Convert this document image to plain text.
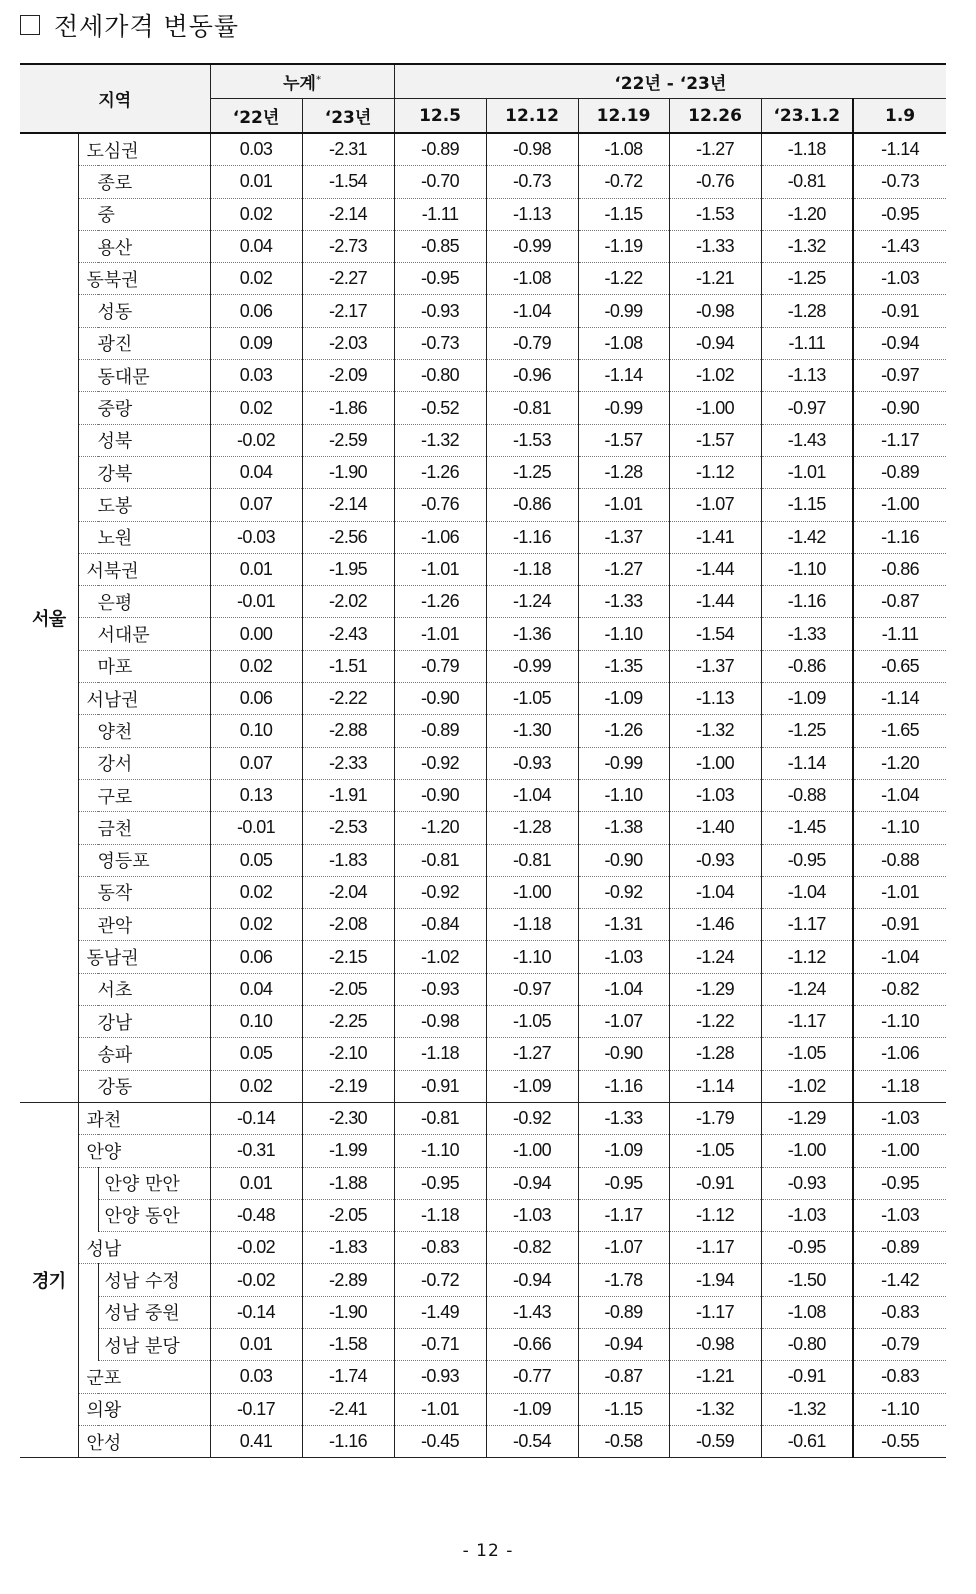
전세가격 변동률
지역			누계*		‘22년 - ‘23년					
			‘22년	‘23년	12.5	12.12	12.19	12.26	‘23.1.2	1.9
서울	도심권		0.03	-2.31	-0.89	-0.98	-1.08	-1.27	-1.18	-1.14
	종로		0.01	-1.54	-0.70	-0.73	-0.72	-0.76	-0.81	-0.73
	중		0.02	-2.14	-1.11	-1.13	-1.15	-1.53	-1.20	-0.95
	용산		0.04	-2.73	-0.85	-0.99	-1.19	-1.33	-1.32	-1.43
	동북권		0.02	-2.27	-0.95	-1.08	-1.22	-1.21	-1.25	-1.03
	성동		0.06	-2.17	-0.93	-1.04	-0.99	-0.98	-1.28	-0.91
	광진		0.09	-2.03	-0.73	-0.79	-1.08	-0.94	-1.11	-0.94
	동대문		0.03	-2.09	-0.80	-0.96	-1.14	-1.02	-1.13	-0.97
	중랑		0.02	-1.86	-0.52	-0.81	-0.99	-1.00	-0.97	-0.90
	성북		-0.02	-2.59	-1.32	-1.53	-1.57	-1.57	-1.43	-1.17
	강북		0.04	-1.90	-1.26	-1.25	-1.28	-1.12	-1.01	-0.89
	도봉		0.07	-2.14	-0.76	-0.86	-1.01	-1.07	-1.15	-1.00
	노원		-0.03	-2.56	-1.06	-1.16	-1.37	-1.41	-1.42	-1.16
	서북권		0.01	-1.95	-1.01	-1.18	-1.27	-1.44	-1.10	-0.86
	은평		-0.01	-2.02	-1.26	-1.24	-1.33	-1.44	-1.16	-0.87
	서대문		0.00	-2.43	-1.01	-1.36	-1.10	-1.54	-1.33	-1.11
	마포		0.02	-1.51	-0.79	-0.99	-1.35	-1.37	-0.86	-0.65
	서남권		0.06	-2.22	-0.90	-1.05	-1.09	-1.13	-1.09	-1.14
	양천		0.10	-2.88	-0.89	-1.30	-1.26	-1.32	-1.25	-1.65
	강서		0.07	-2.33	-0.92	-0.93	-0.99	-1.00	-1.14	-1.20
	구로		0.13	-1.91	-0.90	-1.04	-1.10	-1.03	-0.88	-1.04
	금천		-0.01	-2.53	-1.20	-1.28	-1.38	-1.40	-1.45	-1.10
	영등포		0.05	-1.83	-0.81	-0.81	-0.90	-0.93	-0.95	-0.88
	동작		0.02	-2.04	-0.92	-1.00	-0.92	-1.04	-1.04	-1.01
	관악		0.02	-2.08	-0.84	-1.18	-1.31	-1.46	-1.17	-0.91
	동남권		0.06	-2.15	-1.02	-1.10	-1.03	-1.24	-1.12	-1.04
	서초		0.04	-2.05	-0.93	-0.97	-1.04	-1.29	-1.24	-0.82
	강남		0.10	-2.25	-0.98	-1.05	-1.07	-1.22	-1.17	-1.10
	송파		0.05	-2.10	-1.18	-1.27	-0.90	-1.28	-1.05	-1.06
	강동		0.02	-2.19	-0.91	-1.09	-1.16	-1.14	-1.02	-1.18
경기	과천		-0.14	-2.30	-0.81	-0.92	-1.33	-1.79	-1.29	-1.03
	안양		-0.31	-1.99	-1.10	-1.00	-1.09	-1.05	-1.00	-1.00
		안양 만안	0.01	-1.88	-0.95	-0.94	-0.95	-0.91	-0.93	-0.95
		안양 동안	-0.48	-2.05	-1.18	-1.03	-1.17	-1.12	-1.03	-1.03
	성남		-0.02	-1.83	-0.83	-0.82	-1.07	-1.17	-0.95	-0.89
		성남 수정	-0.02	-2.89	-0.72	-0.94	-1.78	-1.94	-1.50	-1.42
		성남 중원	-0.14	-1.90	-1.49	-1.43	-0.89	-1.17	-1.08	-0.83
		성남 분당	0.01	-1.58	-0.71	-0.66	-0.94	-0.98	-0.80	-0.79
	군포		0.03	-1.74	-0.93	-0.77	-0.87	-1.21	-0.91	-0.83
	의왕		-0.17	-2.41	-1.01	-1.09	-1.15	-1.32	-1.32	-1.10
	안성		0.41	-1.16	-0.45	-0.54	-0.58	-0.59	-0.61	-0.55
- 12 -
